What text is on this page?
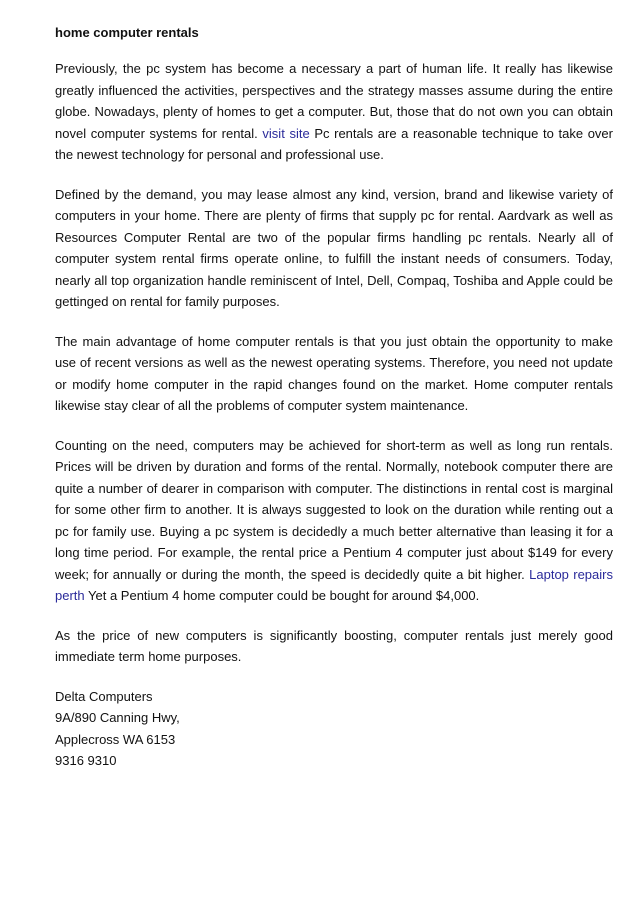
home computer rentals

Previously, the pc system has become a necessary a part of human life. It really has likewise greatly influenced the activities, perspectives and the strategy masses assume during the entire globe. Nowadays, plenty of homes to get a computer. But, those that do not own you can obtain novel computer systems for rental. visit site Pc rentals are a reasonable technique to take over the newest technology for personal and professional use.

Defined by the demand, you may lease almost any kind, version, brand and likewise variety of computers in your home. There are plenty of firms that supply pc for rental. Aardvark as well as Resources Computer Rental are two of the popular firms handling pc rentals. Nearly all of computer system rental firms operate online, to fulfill the instant needs of consumers. Today, nearly all top organization handle reminiscent of Intel, Dell, Compaq, Toshiba and Apple could be gettinged on rental for family purposes.

The main advantage of home computer rentals is that you just obtain the opportunity to make use of recent versions as well as the newest operating systems. Therefore, you need not update or modify home computer in the rapid changes found on the market. Home computer rentals likewise stay clear of all the problems of computer system maintenance.

Counting on the need, computers may be achieved for short-term as well as long run rentals. Prices will be driven by duration and forms of the rental. Normally, notebook computer there are quite a number of dearer in comparison with computer. The distinctions in rental cost is marginal for some other firm to another. It is always suggested to look on the duration while renting out a pc for family use. Buying a pc system is decidedly a much better alternative than leasing it for a long time period. For example, the rental price a Pentium 4 computer just about $149 for every week; for annually or during the month, the speed is decidedly quite a bit higher. Laptop repairs perth Yet a Pentium 4 home computer could be bought for around $4,000.

As the price of new computers is significantly boosting, computer rentals just merely good immediate term home purposes.

Delta Computers
9A/890 Canning Hwy,
Applecross WA 6153
9316 9310
